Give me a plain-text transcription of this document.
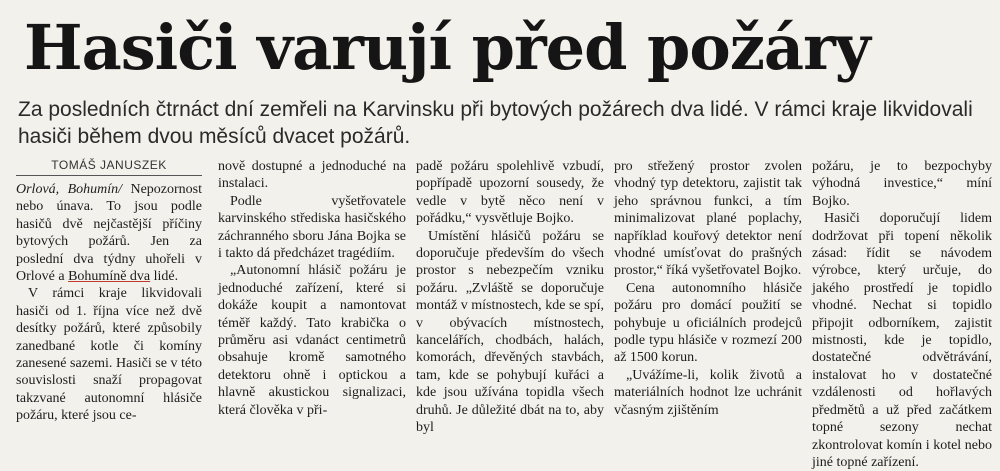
Hasiči varují před požáry

Za posledních čtrnáct dní zemřeli na Karvinsku při bytových požárech dva lidé. V rámci kraje likvidovali hasiči během dvou měsíců dvacet požárů.

TOMÁŠ JANUSZEK

Orlová, Bohumín/ Nepozornost nebo únava. To jsou podle hasičů dvě nejčastější příčiny bytových požárů. Jen za poslední dva týdny uhořeli v Orlové a Bohumíně dva lidé.

V rámci kraje likvidovali hasiči od 1. října více než dvě desítky požárů, které způsobily zanedbané kotle či komíny zanesené sazemi. Hasiči se v této souvislosti snaží propagovat takzvané autonomní hlásiče požáru, které jsou ce-

nově dostupné a jednoduché na instalaci.

Podle vyšetřovatele karvinského střediska hasičského záchranného sboru Jána Bojka se i takto dá předcházet tragédiím.

„Autonomní hlásič požáru je jednoduché zařízení, které si dokáže koupit a namontovat téměř každý. Tato krabička o průměru asi vdanáct centimetrů obsahuje kromě samotného detektoru ohně i optickou a hlavně akustickou signalizaci, která člověka v při-

padě požáru spolehlivě vzbudí, popřípadě upozorní sousedy, že vedle v bytě něco není v pořádku,“ vysvětluje Bojko.

Umístění hlásičů požáru se doporučuje především do všech prostor s nebezpečím vzniku požáru. „Zvláště se doporučuje montáž v místnostech, kde se spí, v obývacích místnostech, kancelářích, chodbách, halách, komorách, dřevěných stavbách, tam, kde se pohybují kuřáci a kde jsou užívána topidla všech druhů. Je důležité dbát na to, aby byl

pro střežený prostor zvolen vhodný typ detektoru, zajistit tak jeho správnou funkci, a tím minimalizovat plané poplachy, například kouřový detektor není vhodné umísťovat do prašných prostor,“ říká vyšetřovatel Bojko.

Cena autonomního hlásiče požáru pro domácí použití se pohybuje u oficiálních prodejců podle typu hlásiče v rozmezí 200 až 1500 korun.

„Uvážíme-li, kolik životů a materiálních hodnot lze uchránit včasným zjištěním

požáru, je to bezpochyby výhodná investice,“ míní Bojko.

Hasiči doporučují lidem dodržovat při topení několik zásad: řídit se návodem výrobce, který určuje, do jakého prostředí je topidlo vhodné. Nechat si topidlo připojit odborníkem, zajistit mistnosti, kde je topidlo, dostatečné odvětrávání, instalovat ho v dostatečné vzdálenosti od hořlavých předmětů a už před začátkem topné sezony nechat zkontrolovat komín i kotel nebo jiné topné zařízení.
